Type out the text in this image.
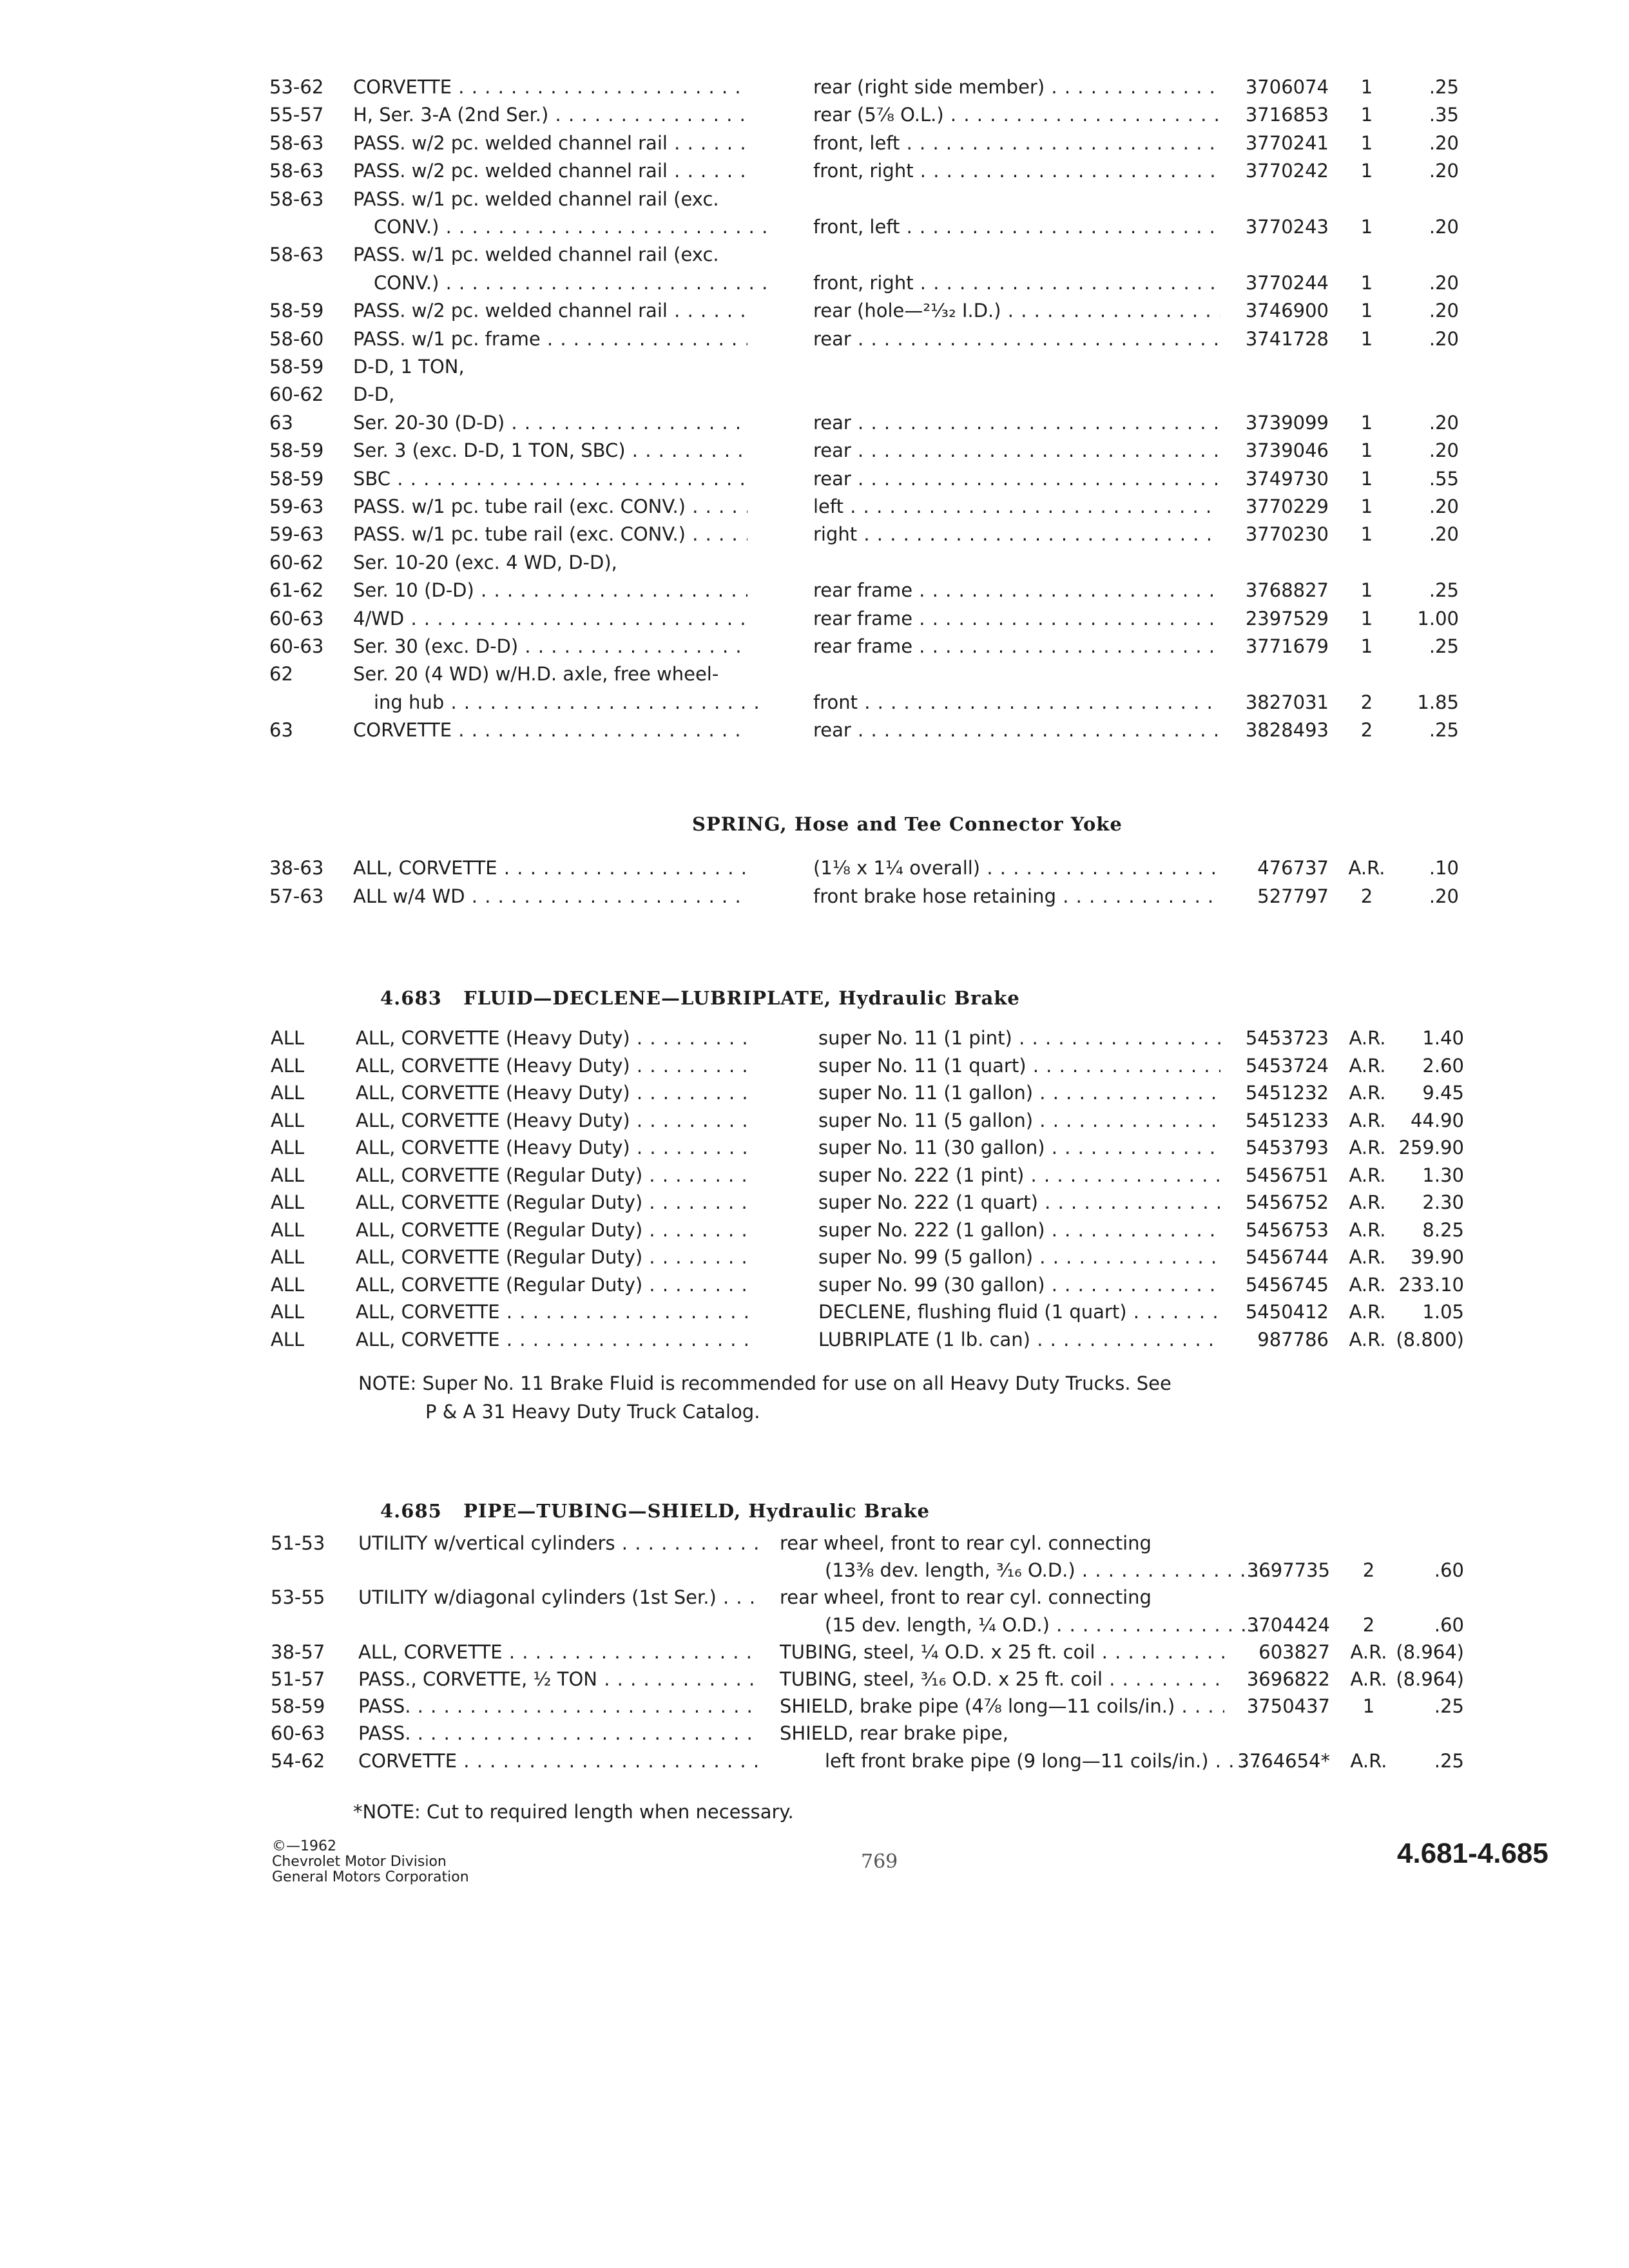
53-62 CORVETTE . . .	rear (right side member) . . .	3706074	1	.25
55-57 H, Ser. 3-A (2nd Ser.) . . .	rear (5⁷⁄₈ O.L.) . . .	3716853	1	.35
58-63 PASS. w/2 pc. welded channel rail . . .	front, left . . .	3770241	1	.20
58-63 PASS. w/2 pc. welded channel rail . . .	front, right . . .	3770242	1	.20
58-63 PASS. w/1 pc. welded channel rail (exc.
CONV.) . . .	front, left . . .	3770243	1	.20
58-63 PASS. w/1 pc. welded channel rail (exc.
CONV.) . . .	front, right . . .	3770244	1	.20
58-59 PASS. w/2 pc. welded channel rail . . .	rear (hole—²¹⁄₃₂ I.D.) . . .	3746900	1	.20
58-60 PASS. w/1 pc. frame . . .	rear . . .	3741728	1	.20
58-59 D-D, 1 TON,
60-62 D-D,
63	Ser. 20-30 (D-D) . . .	rear . . .	3739099	1	.20
58-59 Ser. 3 (exc. D-D, 1 TON, SBC) . . .	rear . . .	3739046	1	.20
58-59 SBC . . .	rear . . .	3749730	1	.55
59-63 PASS. w/1 pc. tube rail (exc. CONV.) . . .	left . . .	3770229	1	.20
59-63 PASS. w/1 pc. tube rail (exc. CONV.) . . .	right . . .	3770230	1	.20
60-62 Ser. 10-20 (exc. 4 WD, D-D),
61-62 Ser. 10 (D-D) . . .	rear frame . . .	3768827	1	.25
60-63 4/WD . . .	rear frame . . .	2397529	1	1.00
60-63 Ser. 30 (exc. D-D) . . .	rear frame . . .	3771679	1	.25
62	Ser. 20 (4 WD) w/H.D. axle, free wheel-
ing hub . . .	front . . .	3827031	2	1.85
63	CORVETTE . . .	rear . . .	3828493	2	.25
SPRING, Hose and Tee Connector Yoke
38-63 ALL, CORVETTE . . .	(1⅛ x 1¼ overall) . . .	476737	A.R.	.10
57-63 ALL w/4 WD . . .	front brake hose retaining . . .	527797	2	.20
4.683 FLUID—DECLENE—LUBRIPLATE, Hydraulic Brake
ALL	ALL, CORVETTE (Heavy Duty) . . .	super No. 11 (1 pint) . . .	5453723	A.R.	1.40
ALL	ALL, CORVETTE (Heavy Duty) . . .	super No. 11 (1 quart) . . .	5453724	A.R.	2.60
ALL	ALL, CORVETTE (Heavy Duty) . . .	super No. 11 (1 gallon) . . .	5451232	A.R.	9.45
ALL	ALL, CORVETTE (Heavy Duty) . . .	super No. 11 (5 gallon) . . .	5451233	A.R.	44.90
ALL	ALL, CORVETTE (Heavy Duty) . . .	super No. 11 (30 gallon) . . .	5453793	A.R. 259.90
ALL	ALL, CORVETTE (Regular Duty) . . .	super No. 222 (1 pint) . . .	5456751	A.R.	1.30
ALL	ALL, CORVETTE (Regular Duty) . . .	super No. 222 (1 quart) . . .	5456752	A.R.	2.30
ALL	ALL, CORVETTE (Regular Duty) . . .	super No. 222 (1 gallon) . . .	5456753	A.R.	8.25
ALL	ALL, CORVETTE (Regular Duty) . . .	super No. 99 (5 gallon) . . .	5456744	A.R.	39.90
ALL	ALL, CORVETTE (Regular Duty) . . .	super No. 99 (30 gallon) . . .	5456745	A.R. 233.10
ALL	ALL, CORVETTE . . .	DECLENE, flushing fluid (1 quart) . . .	5450412	A.R.	1.05
ALL	ALL, CORVETTE . . .	LUBRIPLATE (1 lb. can) . . .	987786	A.R. (8.800)
NOTE: Super No. 11 Brake Fluid is recommended for use on all Heavy Duty Trucks. See
P & A 31 Heavy Duty Truck Catalog.
4.685 PIPE—TUBING—SHIELD, Hydraulic Brake
51-53 UTILITY w/vertical cylinders . . .	rear wheel, front to rear cyl. connecting
(13⅜ dev. length, ³⁄₁₆ O.D.) . . .	3697735	2	.60
53-55 UTILITY w/diagonal cylinders (1st Ser.) . . .	rear wheel, front to rear cyl. connecting
(15 dev. length, ¹⁄₄ O.D.) . . .	3704424	2	.60
38-57 ALL, CORVETTE . . .	TUBING, steel, ¼ O.D. x 25 ft. coil . . .	603827	A.R. (8.964)
51-57 PASS., CORVETTE, ½ TON . . .	TUBING, steel, ³⁄₁₆ O.D. x 25 ft. coil . . .	3696822	A.R. (8.964)
58-59 PASS. . . .	SHIELD, brake pipe (4⅞ long—11 coils/in.) . . .	3750437	1	.25
60-63 PASS. . . .	SHIELD, rear brake pipe,
54-62 CORVETTE . . .	left front brake pipe (9 long—11 coils/in.) . . .	3764654*	A.R.	.25
*NOTE: Cut to required length when necessary.
©—1962
Chevrolet Motor Division
General Motors Corporation
769	4.681-4.685
